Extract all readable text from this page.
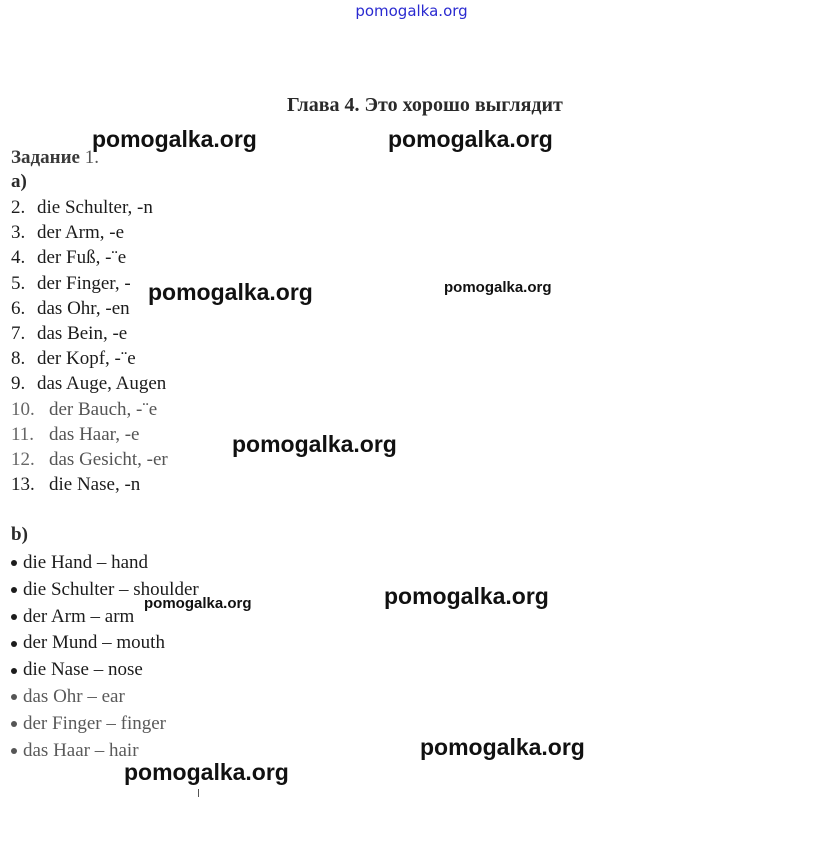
pomogalka.org
Глава 4. Это хорошо выглядит
Задание 1.
a)
2. die Schulter, -n
3. der Arm, -e
4. der Fuß, -¨e
5. der Finger, -
6. das Ohr, -en
7. das Bein, -e
8. der Kopf, -¨e
9. das Auge, Augen
10. der Bauch, -¨e
11. das Haar, -e
12. das Gesicht, -er
13. die Nase, -n
b)
die Hand – hand
die Schulter – shoulder
der Arm – arm
der Mund – mouth
die Nase – nose
das Ohr – ear
der Finger – finger
das Haar – hair
pomogalka.org	pomogalka.org
pomogalka.org	pomogalka.org
pomogalka.org
pomogalka.org
pomogalka.org
pomogalka.org
pomogalka.org
